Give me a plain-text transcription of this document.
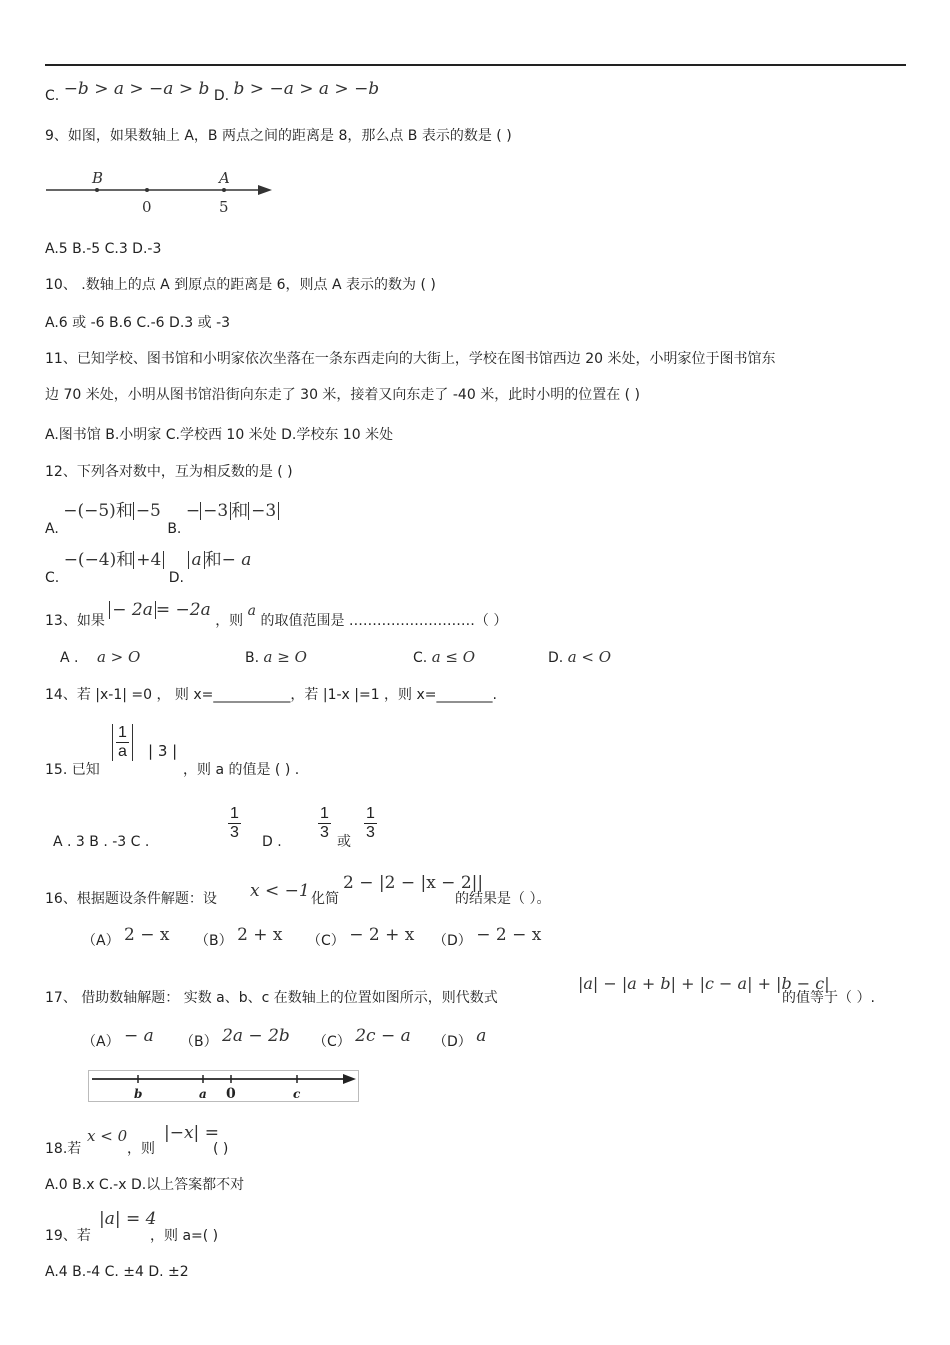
C. −b > a > −a > b D. b > −a > a > −b
9、如图，如果数轴上 A，B 两点之间的距离是 8，那么点 B 表示的数是 ( )
B	A
0	5
A.5 B.-5 C.3 D.-3
10、 .数轴上的点 A 到原点的距离是 6，则点 A 表示的数为 ( )
A.6 或 -6 B.6 C.-6 D.3 或 -3
11、已知学校、图书馆和小明家依次坐落在一条东西走向的大街上，学校在图书馆西边 20 米处，小明家位于图书馆东
边 70 米处，小明从图书馆沿街向东走了 30 米，接着又向东走了 -40 米，此时小明的位置在 ( )
A.图书馆 B.小明家 C.学校西 10 米处 D.学校东 10 米处
12、下列各对数中，互为相反数的是 ( )
A. −(−5)和 −5 B. − −3 和 −3
C. −(−4)和 +4 D. a 和− a
13、如果 − 2a = −2a ，则 a 的取值范围是 ………………………（ ）
A . a > O	B. a ≥ O	C. a ≤ O	D. a < O
14、若 |x-1| =0 ， 则 x=___________，若 |1-x |=1 ，则 x=________.
$\frac{1}{a}$ | 3 |
15. 已知	，则 a 的值是 ( ) .
A . 3 B . -3 C .	$\frac{1}{3}$ D . $\frac{1}{3}$ 或 $\frac{1}{3}$
16、根据题设条件解题：设 x < −1 化简
2 − |2 − |x − 2||
的结果是（ ）。
（A） 2 − x （B） 2 + x （C） − 2 + x （D） − 2 − x
17、 借助数轴解题： 实数 a、b、c 在数轴上的位置如图所示，则代数式
|a| − |a + b| + |c − a| + |b − c|
的值等于（ ）.
（A） − a （B） 2a − 2b （C） 2c − a （D） a
b	a 0	c
18.若
x < 0
，则
|−x| =
( )
A.0 B.x C.-x D.以上答案都不对
19、若
|a| = 4
，则 a=( )
A.4 B.-4 C. ±4 D. ±2
